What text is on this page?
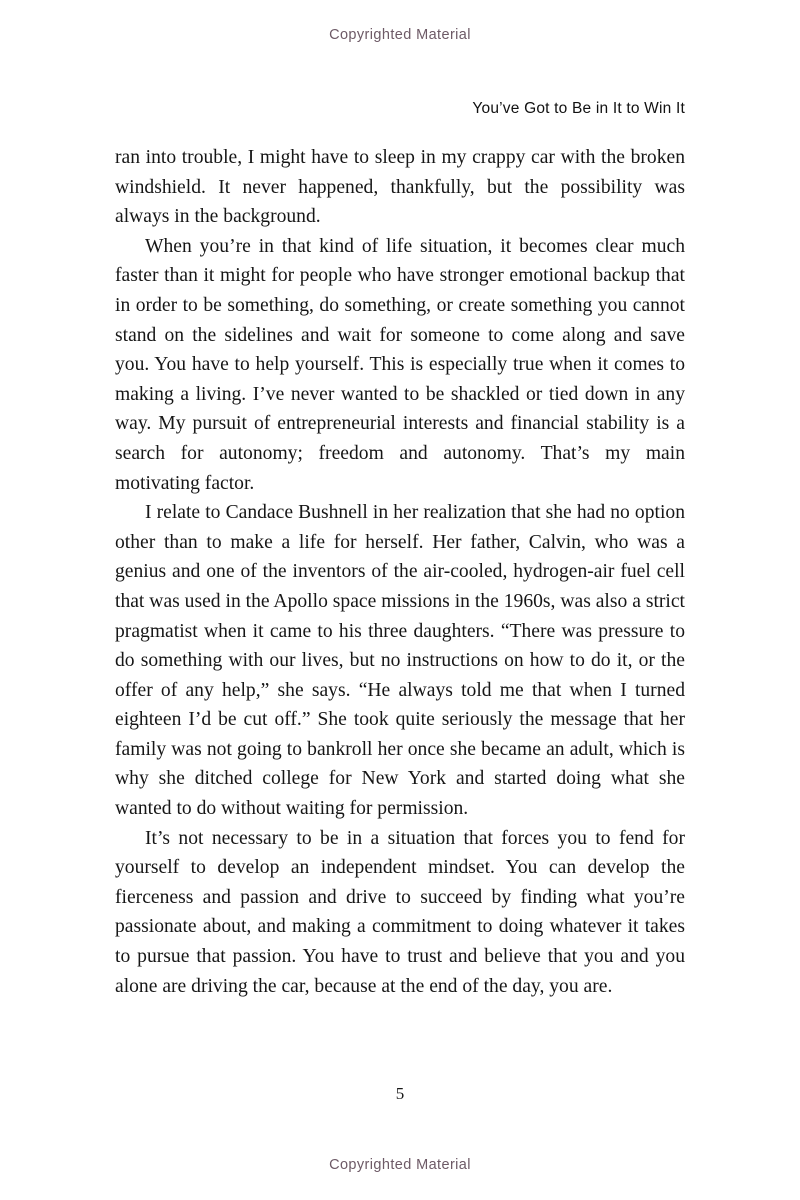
Copyrighted Material
You’ve Got to Be in It to Win It

ran into trouble, I might have to sleep in my crappy car with the broken windshield. It never happened, thankfully, but the possibility was always in the background.

When you’re in that kind of life situation, it becomes clear much faster than it might for people who have stronger emotional backup that in order to be something, do something, or create something you cannot stand on the sidelines and wait for someone to come along and save you. You have to help yourself. This is especially true when it comes to making a living. I’ve never wanted to be shackled or tied down in any way. My pursuit of entrepreneurial interests and financial stability is a search for autonomy; freedom and autonomy. That’s my main motivating factor.

I relate to Candace Bushnell in her realization that she had no option other than to make a life for herself. Her father, Calvin, who was a genius and one of the inventors of the air-cooled, hydrogen-air fuel cell that was used in the Apollo space missions in the 1960s, was also a strict pragmatist when it came to his three daughters. “There was pressure to do something with our lives, but no instructions on how to do it, or the offer of any help,” she says. “He always told me that when I turned eighteen I’d be cut off.” She took quite seriously the message that her family was not going to bankroll her once she became an adult, which is why she ditched college for New York and started doing what she wanted to do without waiting for permission.

It’s not necessary to be in a situation that forces you to fend for yourself to develop an independent mindset. You can develop the fierceness and passion and drive to succeed by finding what you’re passionate about, and making a commitment to doing whatever it takes to pursue that passion. You have to trust and believe that you and you alone are driving the car, because at the end of the day, you are.

5
Copyrighted Material
